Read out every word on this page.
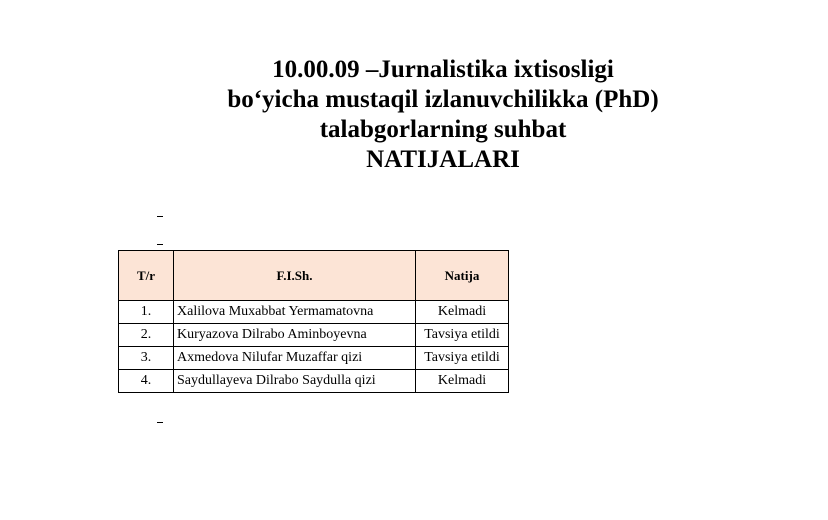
10.00.09 –Jurnalistika ixtisosligi
bo‘yicha mustaqil izlanuvchilikka (PhD)
talabgorlarning suhbat
NATIJALARI
T/r	F.I.Sh.	Natija
1.	Xalilova Muxabbat Yermamatovna	Kelmadi
2.	Kuryazova Dilrabo Aminboyevna	Tavsiya etildi
3.	Axmedova Nilufar Muzaffar qizi	Tavsiya etildi
4.	Saydullayeva Dilrabo Saydulla qizi	Kelmadi
